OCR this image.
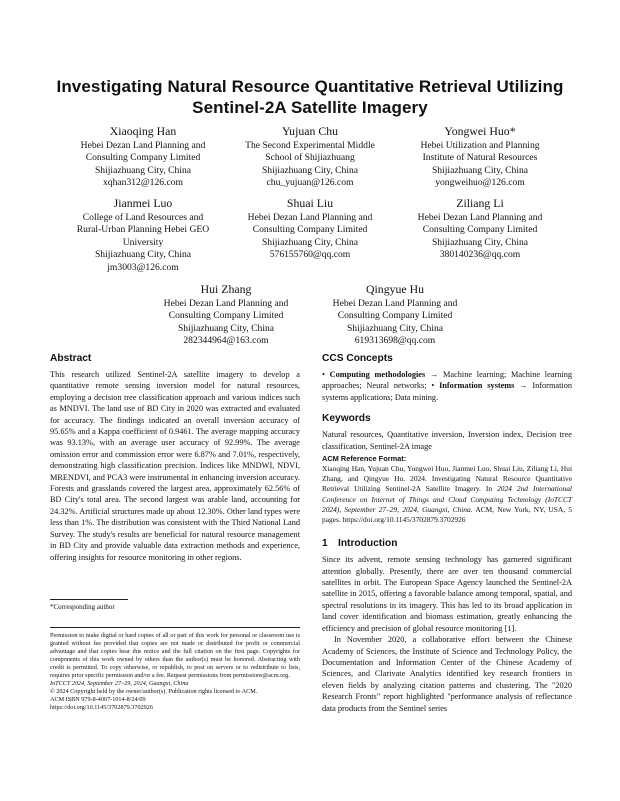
Investigating Natural Resource Quantitative Retrieval Utilizing
Sentinel-2A Satellite Imagery
Xiaoqing Han
Hebei Dezan Land Planning and
Consulting Company Limited
Shijiazhuang City, China
xqhan312@126.com
Yujuan Chu
The Second Experimental Middle
School of Shijiazhuang
Shijiazhuang City, China
chu_yujuan@126.com
Yongwei Huo*
Hebei Utilization and Planning
Institute of Natural Resources
Shijiazhuang City, China
yongweihuo@126.com
Jianmei Luo
College of Land Resources and
Rural-Urban Planning Hebei GEO
University
Shijiazhuang City, China
jm3003@126.com
Shuai Liu
Hebei Dezan Land Planning and
Consulting Company Limited
Shijiazhuang City, China
576155760@qq.com
Ziliang Li
Hebei Dezan Land Planning and
Consulting Company Limited
Shijiazhuang City, China
380140236@qq.com
Hui Zhang
Hebei Dezan Land Planning and
Consulting Company Limited
Shijiazhuang City, China
282344964@163.com
Qingyue Hu
Hebei Dezan Land Planning and
Consulting Company Limited
Shijiazhuang City, China
619313698@qq.com
Abstract

This research utilized Sentinel-2A satellite imagery to develop a quantitative remote sensing inversion model for natural resources, employing a decision tree classification approach and various indices such as MNDVI. The land use of BD City in 2020 was extracted and evaluated for accuracy. The findings indicated an overall inversion accuracy of 95.65% and a Kappa coefficient of 0.9461. The average mapping accuracy was 93.13%, with an average user accuracy of 92.99%. The average omission error and commission error were 6.87% and 7.01%, respectively, demonstrating high classification precision. Indices like MNDWI, NDVI, MRENDVI, and PCA3 were instrumental in enhancing inversion accuracy. Forests and grasslands covered the largest area, approximately 62.56% of BD City's total area. The second largest was arable land, accounting for 24.32%. Artificial structures made up about 12.30%. Other land types were less than 1%. The distribution was consistent with the Third National Land Survey. The study's results are beneficial for natural resource management in BD City and provide valuable data extraction methods and experience, offering insights for resource monitoring in other regions.

*Corresponding author
Permission to make digital or hard copies of all or part of this work for personal or classroom use is granted without fee provided that copies are not made or distributed for profit or commercial advantage and that copies bear this notice and the full citation on the first page. Copyrights for components of this work owned by others than the author(s) must be honored. Abstracting with credit is permitted. To copy otherwise, or republish, to post on servers or to redistribute to lists, requires prior specific permission and/or a fee. Request permissions from permissions@acm.org.
IoTCCT 2024, September 27–29, 2024, Guangxi, China
© 2024 Copyright held by the owner/author(s). Publication rights licensed to ACM.
ACM ISBN 979-8-4007-1014-8/24/09
https://doi.org/10.1145/3702879.3702926
CCS Concepts

• Computing methodologies → Machine learning; Machine learning approaches; Neural networks; • Information systems → Information systems applications; Data mining.

Keywords

Natural resources, Quantitative inversion, Inversion index, Decision tree classification, Sentinel-2A image

ACM Reference Format:

Xiaoqing Han, Yujuan Chu, Yongwei Huo, Jianmei Luo, Shuai Liu, Ziliang Li, Hui Zhang, and Qingyue Hu. 2024. Investigating Natural Resource Quantitative Retrieval Utilizing Sentinel-2A Satellite Imagery. In 2024 2nd International Conference on Internet of Things and Cloud Computing Technology (IoTCCT 2024), September 27–29, 2024, Guangxi, China. ACM, New York, NY, USA, 5 pages. https://doi.org/10.1145/3702879.3702926

1 Introduction

Since its advent, remote sensing technology has garnered significant attention globally. Presently, there are over ten thousand commercial satellites in orbit. The European Space Agency launched the Sentinel-2A satellite in 2015, offering a favorable balance among temporal, spatial, and spectral resolutions in its imagery. This has led to its broad application in land cover identification and biomass estimation, greatly enhancing the efficiency and precision of global resource monitoring [1].

In November 2020, a collaborative effort between the Chinese Academy of Sciences, the Institute of Science and Technology Policy, the Documentation and Information Center of the Chinese Academy of Sciences, and Clarivate Analytics identified key research frontiers in eleven fields by analyzing citation patterns and clustering. The "2020 Research Fronts" report highlighted "performance analysis of reflectance data products from the Sentinel series
